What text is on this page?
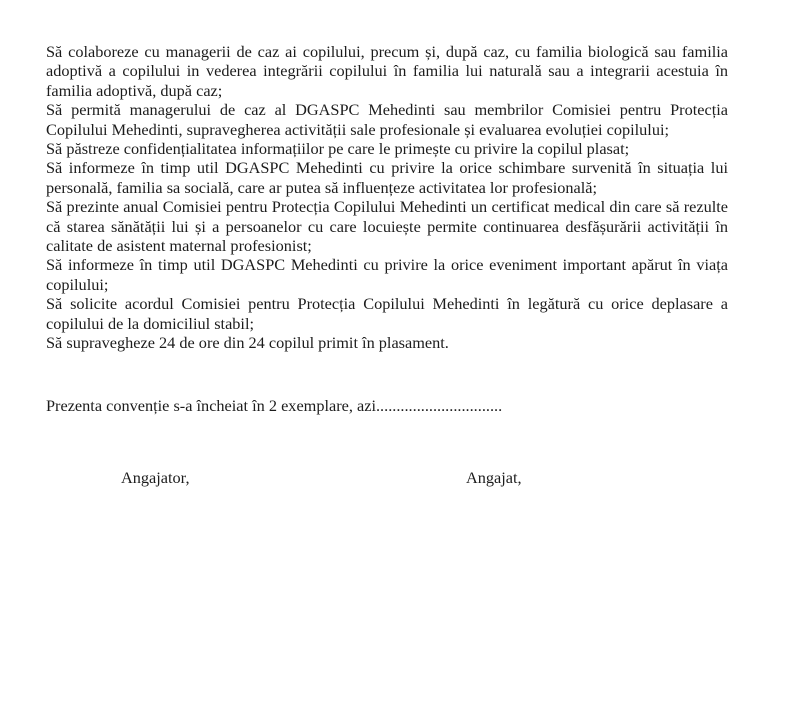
Să colaboreze cu managerii de caz ai copilului, precum și, după caz, cu familia biologică sau familia adoptivă a copilului in vederea integrării copilului în familia lui naturală sau a integrarii acestuia în familia adoptivă, după caz;

Să permită managerului de caz al DGASPC Mehedinti sau membrilor Comisiei pentru Protecția Copilului Mehedinti, supravegherea activității sale profesionale și evaluarea evoluției copilului;

Să păstreze confidențialitatea informațiilor pe care le primește cu privire la copilul plasat;

Să informeze în timp util DGASPC Mehedinti cu privire la orice schimbare survenită în situația lui personală, familia sa socială, care ar putea să influențeze activitatea lor profesională;

Să prezinte anual Comisiei pentru Protecția Copilului Mehedinti un certificat medical din care să rezulte că starea sănătății lui și a persoanelor cu care locuiește permite continuarea desfășurării activității în calitate de asistent maternal profesionist;

Să informeze în timp util DGASPC Mehedinti cu privire la orice eveniment important apărut în viața copilului;

Să solicite acordul Comisiei pentru Protecția Copilului Mehedinti în legătură cu orice deplasare a copilului de la domiciliul stabil;

Să supravegheze 24 de ore din 24 copilul primit în plasament.

Prezenta convenție s-a încheiat în 2 exemplare, azi...............................

Angajator,	Angajat,
